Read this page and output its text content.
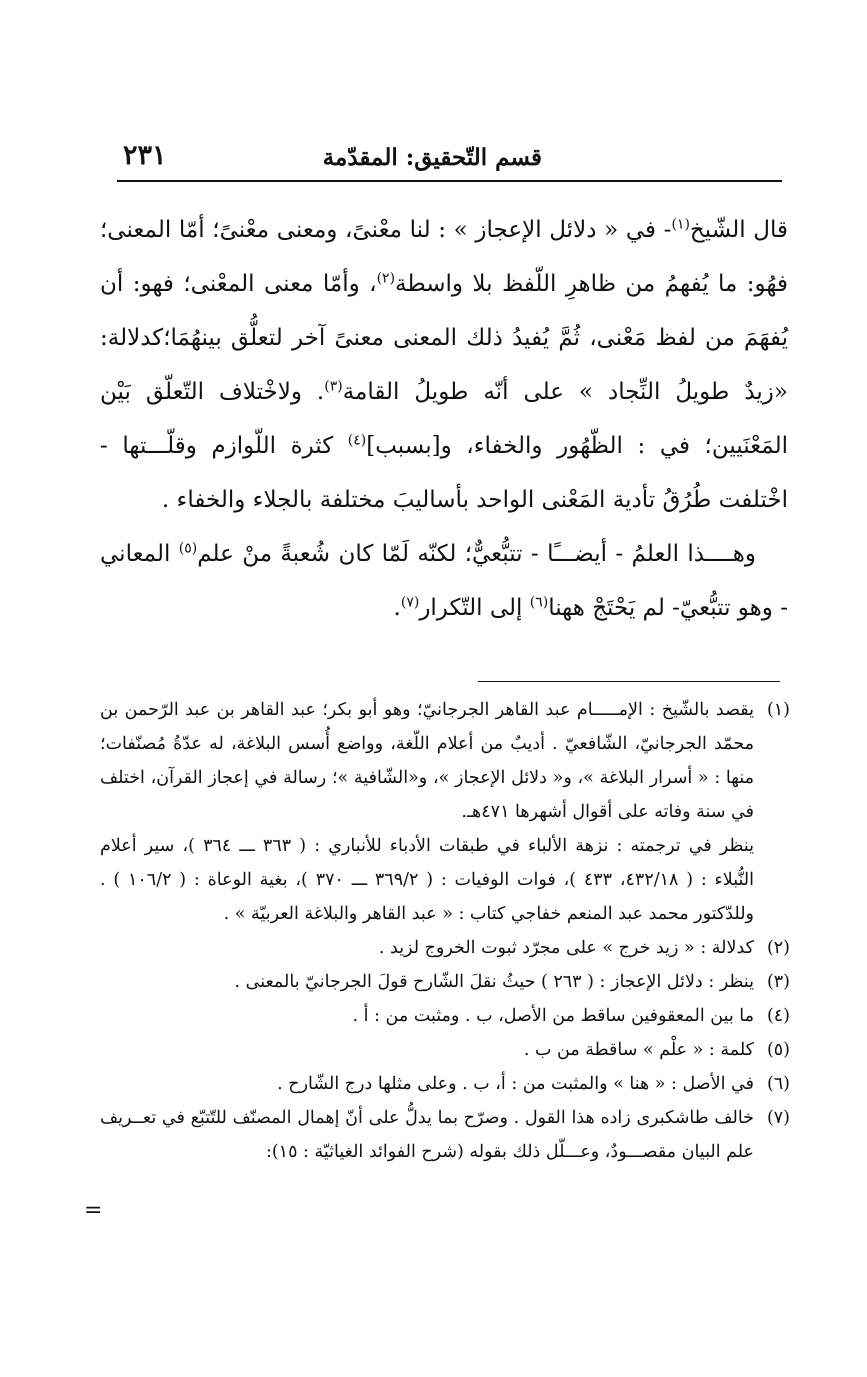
قسم التّحقيق: المقدّمة
٢٣١

قال الشّيخ$^{(١)}$- في « دلائل الإعجاز » : لنا معْنىً، ومعنى معْنىً؛ أمّا المعنى؛ فهُو: ما يُفهمُ من ظاهرِ اللّفظ بلا واسطة$^{(٢)}$، وأمّا معنى المعْنى؛ فهو: أن يُفهَمَ من لفظ مَعْنى، ثُمَّ يُفيدُ ذلك المعنى معنىً آخر لتعلُّق بينهُمَا؛كدلالة: «زيدٌ طويلُ النِّجاد » على أنّه طويلُ القامة$^{(٣)}$. ولاخْتلاف التّعلّق بَيْن المَعْنَيين؛ في : الظّهُور والخفاء، و[بسبب]$^{(٤)}$ كثرة اللّوازم وقلّـــتها - اخْتلفت طُرُقُ تأدية المَعْنى الواحد بأساليبَ مختلفة بالجلاء والخفاء .

وهــــذا العلمُ - أيضـــًا - تتبُّعيٌّ؛ لكنّه لَمّا كان شُعبةً منْ علم$^{(٥)}$ المعاني - وهو تتبُّعيّ- لم يَحْتَجْ ههنا$^{(٦)}$ إلى التّكرار$^{(٧)}$.

(١)
يقصد بالشّيخ : الإمـــــام عبد القاهر الجرجانيّ؛ وهو أبو بكر؛ عبد القاهر بن عبد الرّحمن بن محمّد الجرجانيّ، الشّافعيّ . أديبٌ من أعلام اللّغة، وواضع أُسس البلاغة، له عدّةُ مُصنّفات؛ منها : « أسرار البلاغة »، و« دلائل الإعجاز »، و«الشّافية »؛ رسالة في إعجاز القرآن، اختلف في سنة وفاته على أقوال أشهرها ٤٧١هـ.
ينظر في ترجمته : نزهة الألباء في طبقات الأدباء للأنباري : ( ٣٦٣ ـــ ٣٦٤ )، سير أعلام النُّبلاء : ( ٤٣٢/١٨، ٤٣٣ )، فوات الوفيات : ( ٣٦٩/٢ ـــ ٣٧٠ )، بغية الوعاة : ( ١٠٦/٢ ) . وللدّكتور محمد عبد المنعم خفاجي كتاب : « عبد القاهر والبلاغة العربيّة » .
(٢)
كدلالة : « زيد خرج » على مجرّد ثبوت الخروج لزيد .
(٣)
ينظر : دلائل الإعجاز : ( ٢٦٣ ) حيثُ نقلَ الشّارح قولَ الجرجانيّ بالمعنى .
(٤)
ما بين المعقوفين ساقط من الأصل، ب . ومثبت من : أ .
(٥)
كلمة : « علْم » ساقطة من ب .
(٦)
في الأصل : « هنا » والمثبت من : أ، ب . وعلى مثلها درج الشّارح .
(٧)
خالف طاشكبرى زاده هذا القول . وصرّح بما يدلُّ على أنّ إهمال المصنّف للتّتبّع في تعــريف علم البيان مقصـــودٌ، وعـــلّل ذلك بقوله (شرح الفوائد الغياثيّة : ١٥):
=
